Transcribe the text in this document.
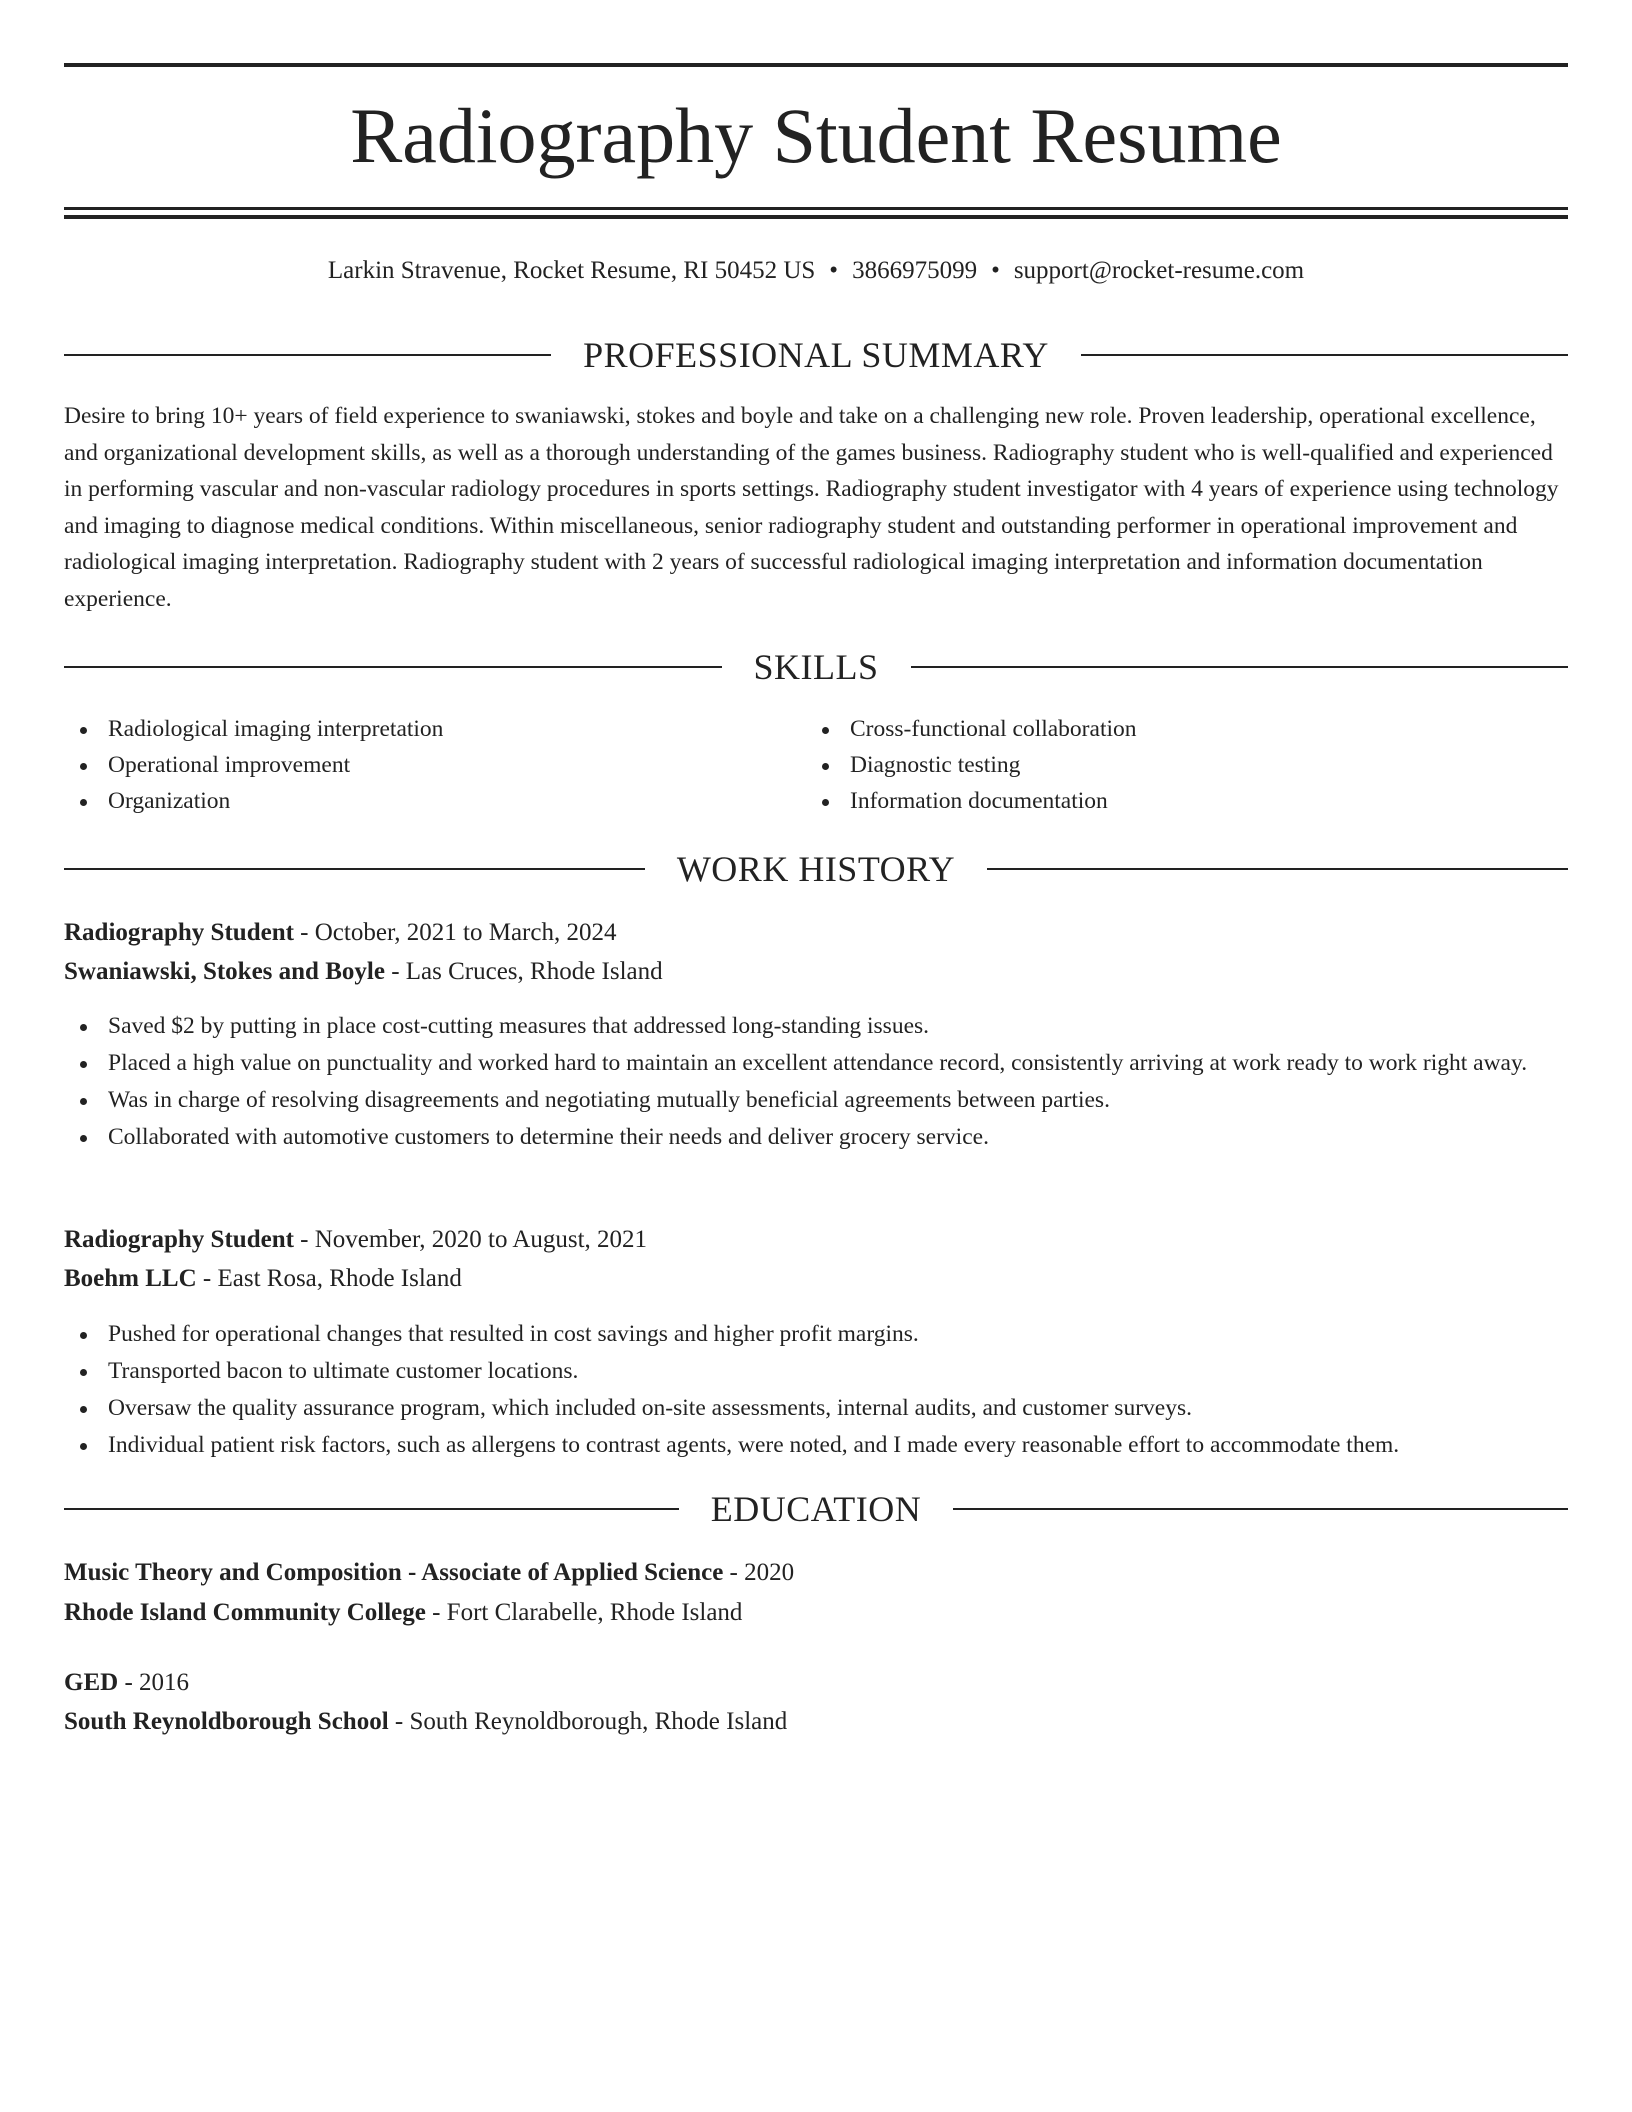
Radiography Student Resume
Larkin Stravenue, Rocket Resume, RI 50452 US • 3866975099 • support@rocket-resume.com
PROFESSIONAL SUMMARY

Desire to bring 10+ years of field experience to swaniawski, stokes and boyle and take on a challenging new role. Proven leadership, operational excellence, and organizational development skills, as well as a thorough understanding of the games business. Radiography student who is well-qualified and experienced in performing vascular and non-vascular radiology procedures in sports settings. Radiography student investigator with 4 years of experience using technology and imaging to diagnose medical conditions. Within miscellaneous, senior radiography student and outstanding performer in operational improvement and radiological imaging interpretation. Radiography student with 2 years of successful radiological imaging interpretation and information documentation experience.

SKILLS
Radiological imaging interpretation
Operational improvement
Organization
Cross-functional collaboration
Diagnostic testing
Information documentation
WORK HISTORY
Radiography Student - October, 2021 to March, 2024
Swaniawski, Stokes and Boyle - Las Cruces, Rhode Island
Saved $2 by putting in place cost-cutting measures that addressed long-standing issues.
Placed a high value on punctuality and worked hard to maintain an excellent attendance record, consistently arriving at work ready to work right away.
Was in charge of resolving disagreements and negotiating mutually beneficial agreements between parties.
Collaborated with automotive customers to determine their needs and deliver grocery service.
Radiography Student - November, 2020 to August, 2021
Boehm LLC - East Rosa, Rhode Island
Pushed for operational changes that resulted in cost savings and higher profit margins.
Transported bacon to ultimate customer locations.
Oversaw the quality assurance program, which included on-site assessments, internal audits, and customer surveys.
Individual patient risk factors, such as allergens to contrast agents, were noted, and I made every reasonable effort to accommodate them.
EDUCATION
Music Theory and Composition - Associate of Applied Science - 2020
Rhode Island Community College - Fort Clarabelle, Rhode Island
GED - 2016
South Reynoldborough School - South Reynoldborough, Rhode Island
